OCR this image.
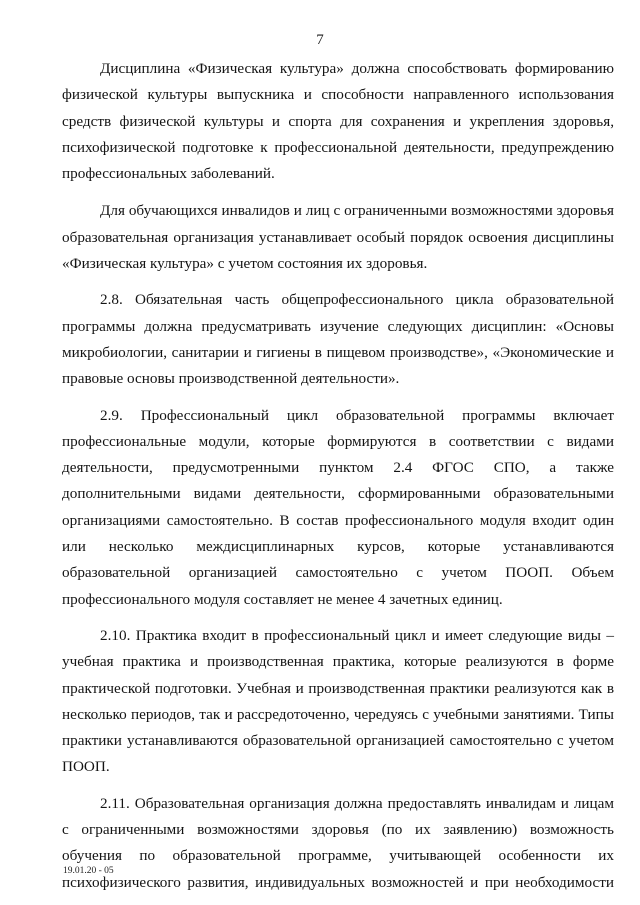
7

Дисциплина «Физическая культура» должна способствовать формированию физической культуры выпускника и способности направленного использования средств физической культуры и спорта для сохранения и укрепления здоровья, психофизической подготовке к профессиональной деятельности, предупреждению профессиональных заболеваний.

Для обучающихся инвалидов и лиц с ограниченными возможностями здоровья образовательная организация устанавливает особый порядок освоения дисциплины «Физическая культура» с учетом состояния их здоровья.

2.8. Обязательная часть общепрофессионального цикла образовательной программы должна предусматривать изучение следующих дисциплин: «Основы микробиологии, санитарии и гигиены в пищевом производстве», «Экономические и правовые основы производственной деятельности».

2.9. Профессиональный цикл образовательной программы включает профессиональные модули, которые формируются в соответствии с видами деятельности, предусмотренными пунктом 2.4 ФГОС СПО, а также дополнительными видами деятельности, сформированными образовательными организациями самостоятельно. В состав профессионального модуля входит один или несколько междисциплинарных курсов, которые устанавливаются образовательной организацией самостоятельно с учетом ПООП. Объем профессионального модуля составляет не менее 4 зачетных единиц.

2.10. Практика входит в профессиональный цикл и имеет следующие виды – учебная практика и производственная практика, которые реализуются в форме практической подготовки. Учебная и производственная практики реализуются как в несколько периодов, так и рассредоточенно, чередуясь с учебными занятиями. Типы практики устанавливаются образовательной организацией самостоятельно с учетом ПООП.

2.11. Образовательная организация должна предоставлять инвалидам и лицам с ограниченными возможностями здоровья (по их заявлению) возможность обучения по образовательной программе, учитывающей особенности их психофизического развития, индивидуальных возможностей и при необходимости

19.01.20 - 05
